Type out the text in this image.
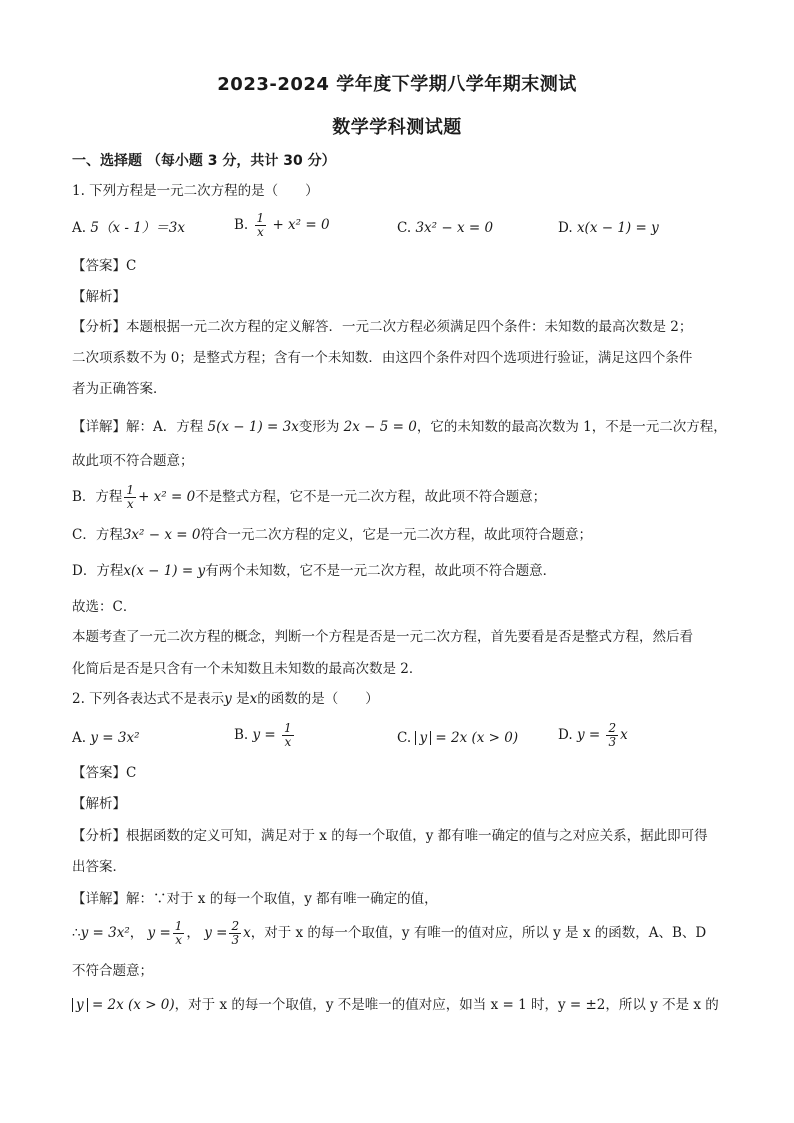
2023-2024 学年度下学期八学年期末测试
数学学科测试题
一、选择题 （每小题 3 分，共计 30 分）
1. 下列方程是一元二次方程的是（　　）
A. 5（x - 1）＝3x	B. $\frac{1}{x} + x^2 = 0$	C. 3x² − x = 0	D. x(x − 1) = y
【答案】C
【解析】
【分析】本题根据一元二次方程的定义解答．一元二次方程必须满足四个条件：未知数的最高次数是 2；
二次项系数不为 0；是整式方程；含有一个未知数．由这四个条件对四个选项进行验证，满足这四个条件
者为正确答案．
【详解】解：A．方程 5(x − 1) = 3x变形为 2x − 5 = 0，它的未知数的最高次数为 1，不是一元二次方程，
故此项不符合题意；
B．方程 $\frac{1}{x} + x^2 = 0$不是整式方程，它不是一元二次方程，故此项不符合题意；
C．方程3x² − x = 0符合一元二次方程的定义，它是一元二次方程，故此项符合题意；
D．方程x(x − 1) = y有两个未知数，它不是一元二次方程，故此项不符合题意．
故选：C．
本题考查了一元二次方程的概念，判断一个方程是否是一元二次方程，首先要看是否是整式方程，然后看
化简后是否是只含有一个未知数且未知数的最高次数是 2．
2. 下列各表达式不是表示y 是x的函数的是（　　）
A. y = 3x²	B. $y = \frac{1}{x}$	C. y = 2x (x > 0)	D. $y = \frac{2}{3}$ x
【答案】C
【解析】
【分析】根据函数的定义可知，满足对于 x 的每一个取值，y 都有唯一确定的值与之对应关系，据此即可得
出答案．
【详解】解：∵对于 x 的每一个取值，y 都有唯一确定的值，
∴y = 3x²， $y = \frac{1}{x}$ ， $y = \frac{2}{3}$ x，对于 x 的每一个取值，y 有唯一的值对应，所以 y 是 x 的函数，A、B、D
不符合题意；
y = 2x (x > 0)，对于 x 的每一个取值，y 不是唯一的值对应，如当 x = 1 时，y = ±2，所以 y 不是 x 的
